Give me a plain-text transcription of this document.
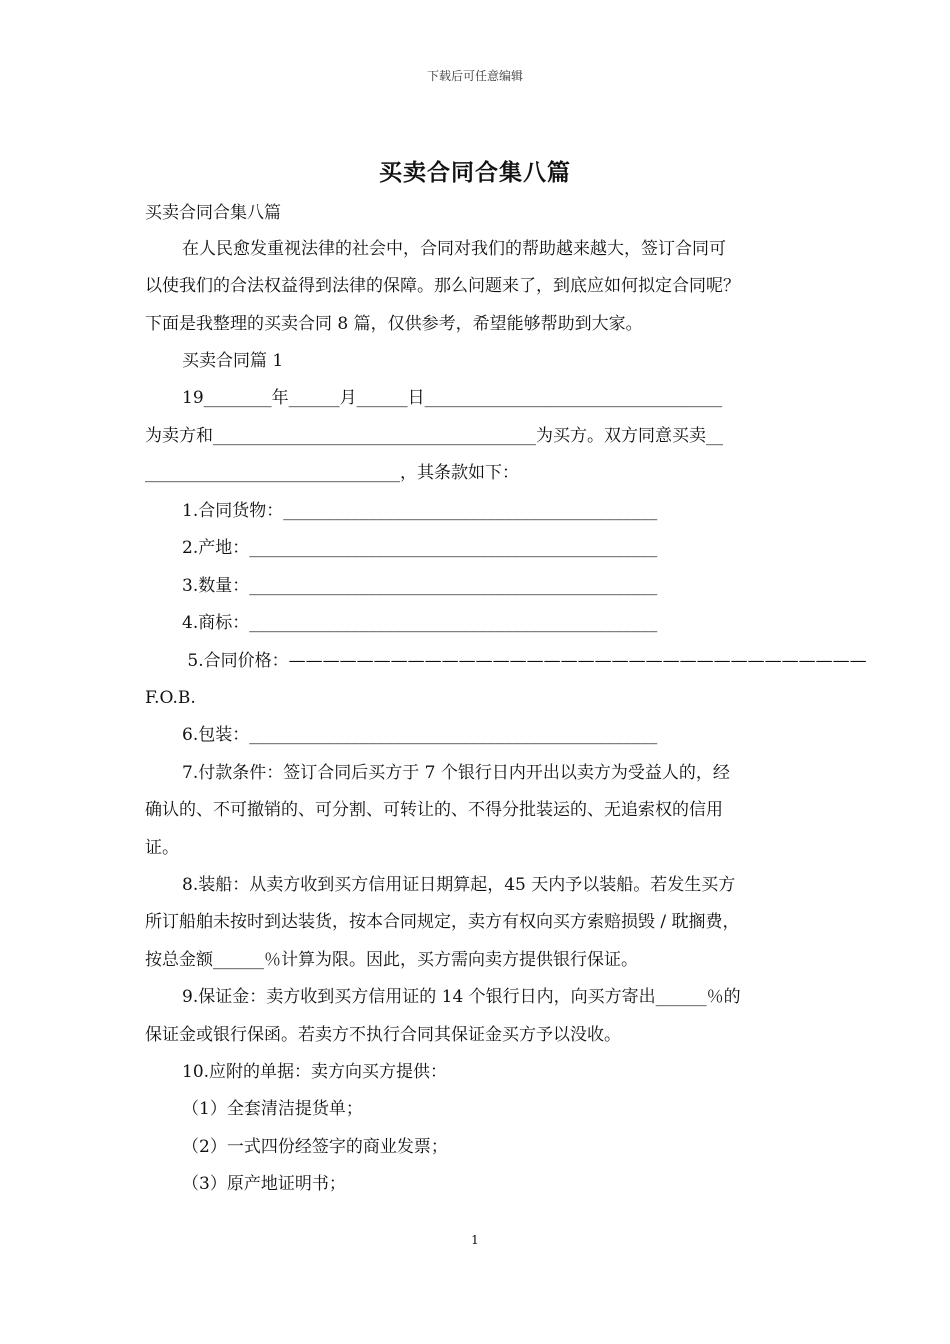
下载后可任意编辑
买卖合同合集八篇
买卖合同合集八篇
在人民愈发重视法律的社会中，合同对我们的帮助越来越大，签订合同可
以使我们的合法权益得到法律的保障。那么问题来了，到底应如何拟定合同呢？
下面是我整理的买卖合同 8 篇，仅供参考，希望能够帮助到大家。
买卖合同篇 1
19________年______月______日___________________________________
为卖方和______________________________________为买方。双方同意买卖__
______________________________，其条款如下：
1.合同货物：____________________________________________
2.产地：________________________________________________
3.数量：________________________________________________
4.商标：________________________________________________
5.合同价格：——————————————————————————————————
F.O.B.
6.包装：________________________________________________
7.付款条件：签订合同后买方于 7 个银行日内开出以卖方为受益人的，经
确认的、不可撤销的、可分割、可转让的、不得分批装运的、无追索权的信用
证。
8.装船：从卖方收到买方信用证日期算起，45 天内予以装船。若发生买方
所订船舶未按时到达装货，按本合同规定，卖方有权向买方索赔损毁 / 耽搁费，
按总金额______％计算为限。因此，买方需向卖方提供银行保证。
9.保证金：卖方收到买方信用证的 14 个银行日内，向买方寄出______％的
保证金或银行保函。若卖方不执行合同其保证金买方予以没收。
10.应附的单据：卖方向买方提供：
（1）全套清洁提货单；
（2）一式四份经签字的商业发票；
（3）原产地证明书；
1
